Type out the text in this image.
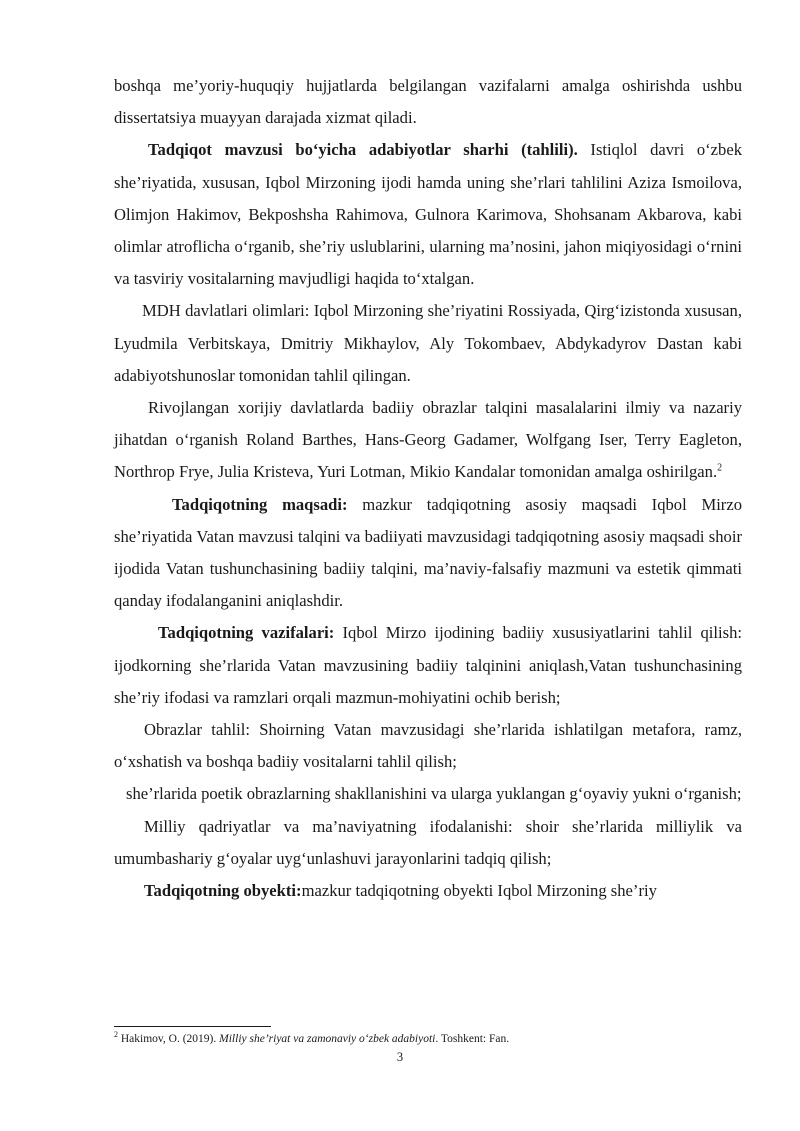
boshqa me’yoriy-huquqiy hujjatlarda belgilangan vazifalarni amalga oshirishda ushbu dissertatsiya muayyan darajada xizmat qiladi.

Tadqiqot mavzusi bo‘yicha adabiyotlar sharhi (tahlili). Istiqlol davri o‘zbek she’riyatida, xususan, Iqbol Mirzoning ijodi hamda uning she’rlari tahlilini Aziza Ismoilova, Olimjon Hakimov, Bekposhsha Rahimova, Gulnora Karimova, Shohsanam Akbarova, kabi olimlar atroflicha o‘rganib, she’riy uslublarini, ularning ma’nosini, jahon miqiyosidagi o‘rnini va tasviriy vositalarning mavjudligi haqida to‘xtalgan.

MDH davlatlari olimlari: Iqbol Mirzoning she’riyatini Rossiyada, Qirg‘izistonda xususan, Lyudmila Verbitskaya, Dmitriy Mikhaylov, Aly Tokombaev, Abdykadyrov Dastan kabi adabiyotshunoslar tomonidan tahlil qilingan.

Rivojlangan xorijiy davlatlarda badiiy obrazlar talqini masalalarini ilmiy va nazariy jihatdan o‘rganish Roland Barthes, Hans-Georg Gadamer, Wolfgang Iser, Terry Eagleton, Northrop Frye, Julia Kristeva, Yuri Lotman, Mikio Kandalar tomonidan amalga oshirilgan.$^2$

Tadqiqotning maqsadi: mazkur tadqiqotning asosiy maqsadi Iqbol Mirzo she’riyatida Vatan mavzusi talqini va badiiyati mavzusidagi tadqiqotning asosiy maqsadi shoir ijodida Vatan tushunchasining badiiy talqini, ma’naviy-falsafiy mazmuni va estetik qimmati qanday ifodalanganini aniqlashdir.

Tadqiqotning vazifalari: Iqbol Mirzo ijodining badiiy xususiyatlarini tahlil qilish: ijodkorning she’rlarida Vatan mavzusining badiiy talqinini aniqlash,Vatan tushunchasining she’riy ifodasi va ramzlari orqali mazmun-mohiyatini ochib berish;

Obrazlar tahlil: Shoirning Vatan mavzusidagi she’rlarida ishlatilgan metafora, ramz, o‘xshatish va boshqa badiiy vositalarni tahlil qilish;

she’rlarida poetik obrazlarning shakllanishini va ularga yuklangan g‘oyaviy yukni o‘rganish;

Milliy qadriyatlar va ma’naviyatning ifodalanishi: shoir she’rlarida milliylik va umumbashariy g‘oyalar uyg‘unlashuvi jarayonlarini tadqiq qilish;

Tadqiqotning obyekti:mazkur tadqiqotning obyekti Iqbol Mirzoning she’riy

$^2$ Hakimov, O. (2019). Milliy she’riyat va zamonaviy o‘zbek adabiyoti. Toshkent: Fan.
3
